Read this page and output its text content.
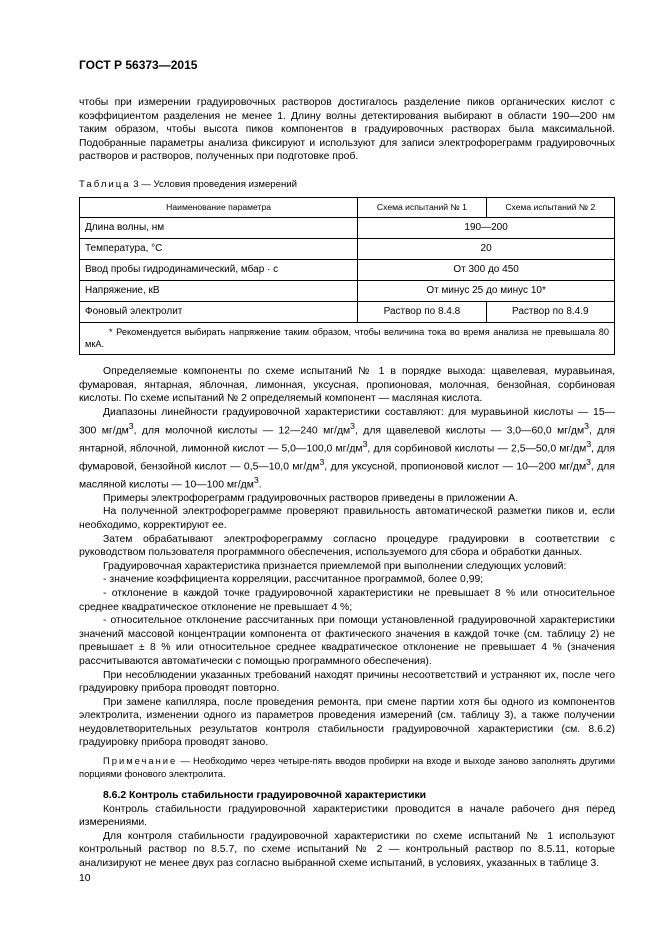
ГОСТ Р 56373—2015

чтобы при измерении градуировочных растворов достигалось разделение пиков органических кислот с коэффициентом разделения не менее 1. Длину волны детектирования выбирают в области 190—200 нм таким образом, чтобы высота пиков компонентов в градуировочных растворах была максимальной. Подобранные параметры анализа фиксируют и используют для записи электрофореграмм градуировочных растворов и растворов, полученных при подготовке проб.

Таблица 3 — Условия проведения измерений
Наименование параметра	Схема испытаний № 1	Схема испытаний № 2
Длина волны, нм	190—200	
Температура, °С	20	
Ввод пробы гидродинамический, мбар · с	От 300 до 450	
Напряжение, кВ	От минус 25 до минус 10*	
Фоновый электролит	Раствор по 8.4.8	Раствор по 8.4.9
* Рекомендуется выбирать напряжение таким образом, чтобы величина тока во время анализа не превышала 80 мкА.		

Определяемые компоненты по схеме испытаний № 1 в порядке выхода: щавелевая, муравьиная, фумаровая, янтарная, яблочная, лимонная, уксусная, пропионовая, молочная, бензойная, сорбиновая кислоты. По схеме испытаний № 2 определяемый компонент — масляная кислота.

Диапазоны линейности градуировочной характеристики составляют: для муравьиной кислоты — 15—300 $мг/дм^3$, для молочной кислоты — 12—240 $мг/дм^3$, для щавелевой кислоты — 3,0—60,0 $мг/дм^3$, для янтарной, яблочной, лимонной кислот — 5,0—100,0 $мг/дм^3$, для сорбиновой кислоты — 2,5—50,0 $мг/дм^3$, для фумаровой, бензойной кислот — 0,5—10,0 $мг/дм^3$, для уксусной, пропионовой кислот — 10—200 $мг/дм^3$, для масляной кислоты — 10—100 $мг/дм^3$.

Примеры электрофореграмм градуировочных растворов приведены в приложении А.

На полученной электрофореграмме проверяют правильность автоматической разметки пиков и, если необходимо, корректируют ее.

Затем обрабатывают электрофореграмму согласно процедуре градуировки в соответствии с руководством пользователя программного обеспечения, используемого для сбора и обработки данных.

Градуировочная характеристика признается приемлемой при выполнении следующих условий:

- значение коэффициента корреляции, рассчитанное программой, более 0,99;

- отклонение в каждой точке градуировочной характеристики не превышает 8 % или относительное среднее квадратическое отклонение не превышает 4 %;

- относительное отклонение рассчитанных при помощи установленной градуировочной характеристики значений массовой концентрации компонента от фактического значения в каждой точке (см. таблицу 2) не превышает ± 8 % или относительное среднее квадратическое отклонение не превышает 4 % (значения рассчитываются автоматически с помощью программного обеспечения).

При несоблюдении указанных требований находят причины несоответствий и устраняют их, после чего градуировку прибора проводят повторно.

При замене капилляра, после проведения ремонта, при смене партии хотя бы одного из компонентов электролита, изменении одного из параметров проведения измерений (см. таблицу 3), а также получении неудовлетворительных результатов контроля стабильности градуировочной характеристики (см. 8.6.2) градуировку прибора проводят заново.

Примечание — Необходимо через четыре-пять вводов пробирки на входе и выходе заново заполнять другими порциями фонового электролита.

8.6.2 Контроль стабильности градуировочной характеристики

Контроль стабильности градуировочной характеристики проводится в начале рабочего дня перед измерениями.

Для контроля стабильности градуировочной характеристики по схеме испытаний № 1 используют контрольный раствор по 8.5.7, по схеме испытаний № 2 — контрольный раствор по 8.5.11, которые анализируют не менее двух раз согласно выбранной схеме испытаний, в условиях, указанных в таблице 3.

10
